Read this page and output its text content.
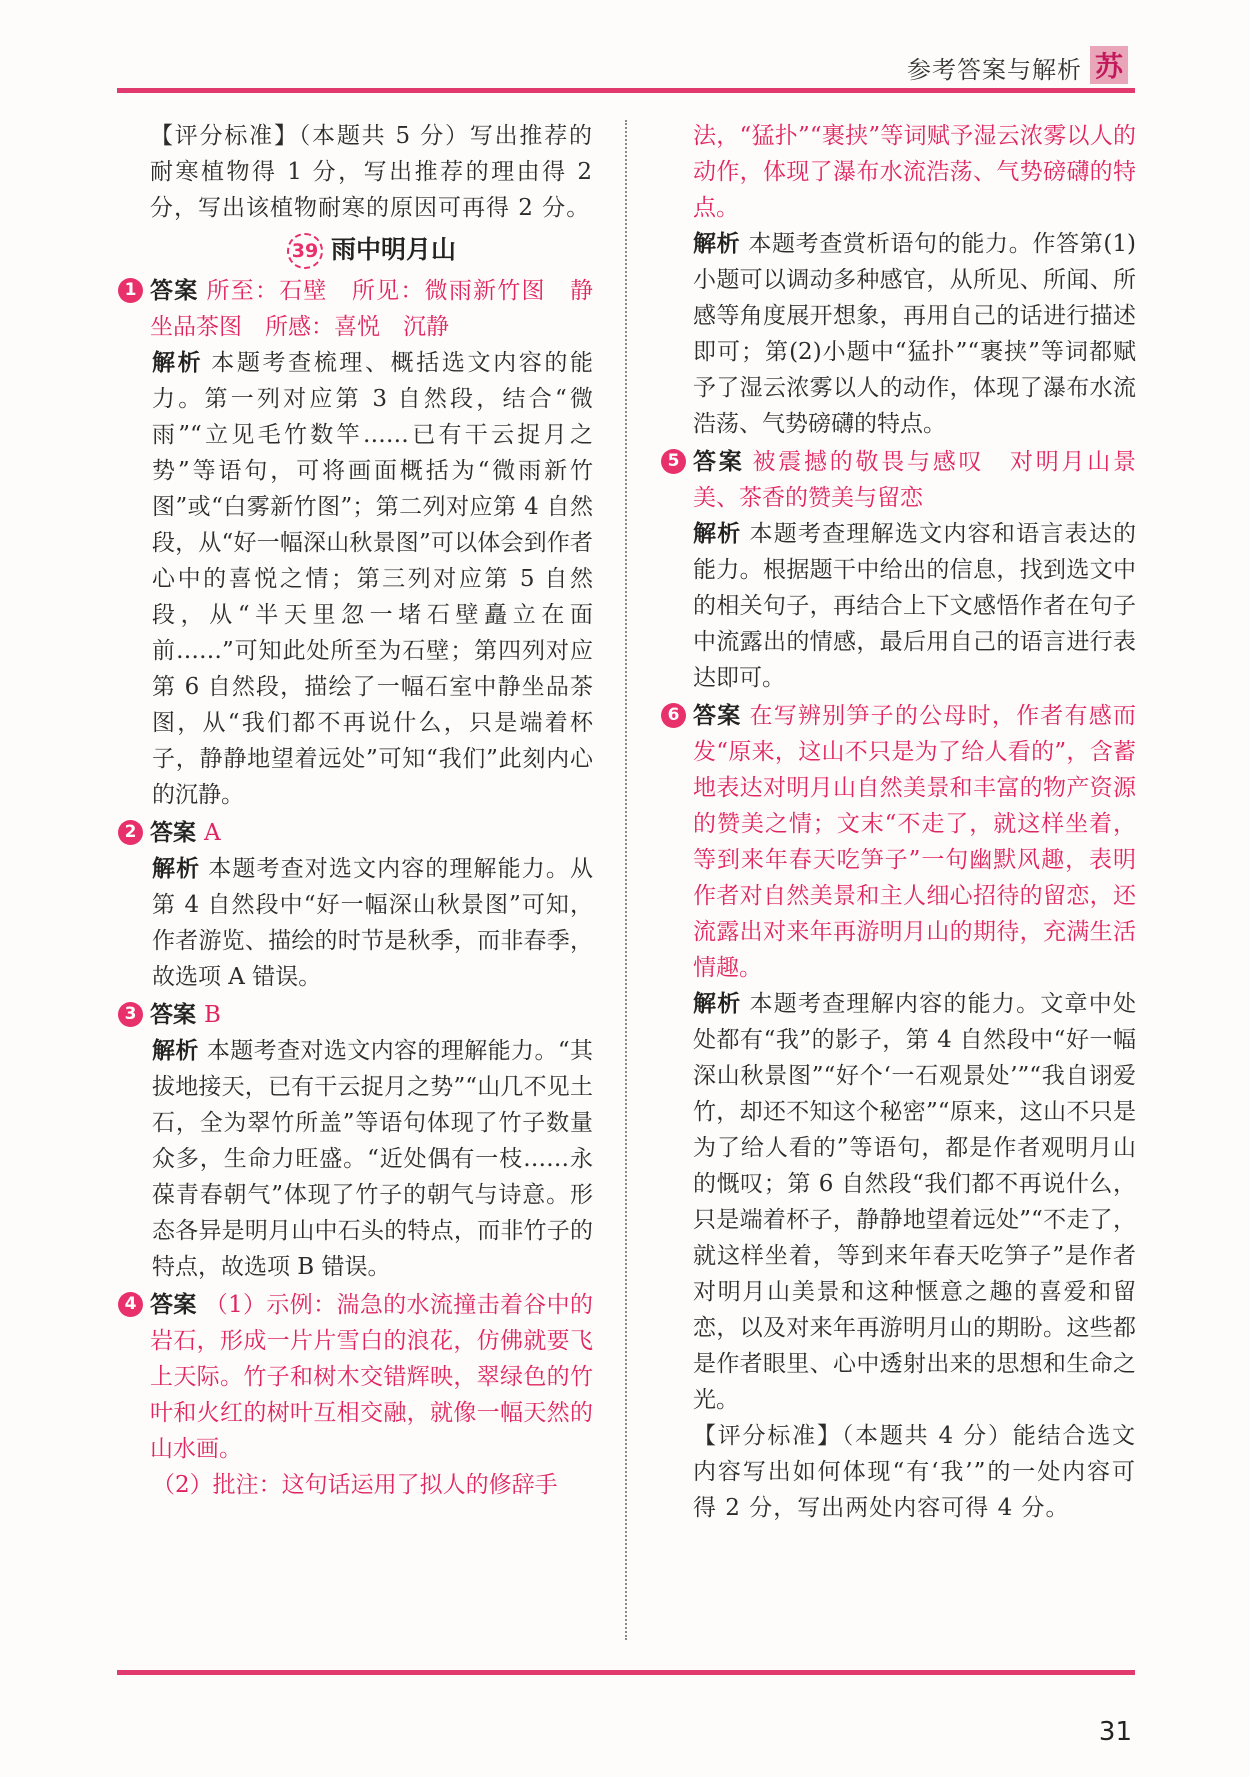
参考答案与解析 苏

【评分标准】（本题共 5 分）写出推荐的耐寒植物得 1 分，写出推荐的理由得 2 分，写出该植物耐寒的原因可再得 2 分。

39 雨中明月山

1 答案 所至：石壁　所见：微雨新竹图　静坐品茶图　所感：喜悦　沉静

解析 本题考查梳理、概括选文内容的能力。第一列对应第 3 自然段，结合“微雨”“立见毛竹数竿……已有干云捉月之势”等语句，可将画面概括为“微雨新竹图”或“白雾新竹图”；第二列对应第 4 自然段，从“好一幅深山秋景图”可以体会到作者心中的喜悦之情；第三列对应第 5 自然段，从“半天里忽一堵石壁矗立在面前……”可知此处所至为石壁；第四列对应第 6 自然段，描绘了一幅石室中静坐品茶图，从“我们都不再说什么，只是端着杯子，静静地望着远处”可知“我们”此刻内心的沉静。

2 答案 A

解析 本题考查对选文内容的理解能力。从第 4 自然段中“好一幅深山秋景图”可知，作者游览、描绘的时节是秋季，而非春季，故选项 A 错误。

3 答案 B

解析 本题考查对选文内容的理解能力。“其拔地接天，已有干云捉月之势”“山几不见土石，全为翠竹所盖”等语句体现了竹子数量众多，生命力旺盛。“近处偶有一枝……永葆青春朝气”体现了竹子的朝气与诗意。形态各异是明月山中石头的特点，而非竹子的特点，故选项 B 错误。

4 答案 （1）示例：湍急的水流撞击着谷中的岩石，形成一片片雪白的浪花，仿佛就要飞上天际。竹子和树木交错辉映，翠绿色的竹叶和火红的树叶互相交融，就像一幅天然的山水画。

（2）批注：这句话运用了拟人的修辞手

法，“猛扑”“裹挟”等词赋予湿云浓雾以人的动作，体现了瀑布水流浩荡、气势磅礴的特点。

解析 本题考查赏析语句的能力。作答第(1)小题可以调动多种感官，从所见、所闻、所感等角度展开想象，再用自己的话进行描述即可；第(2)小题中“猛扑”“裹挟”等词都赋予了湿云浓雾以人的动作，体现了瀑布水流浩荡、气势磅礴的特点。

5 答案 被震撼的敬畏与感叹　对明月山景美、茶香的赞美与留恋

解析 本题考查理解选文内容和语言表达的能力。根据题干中给出的信息，找到选文中的相关句子，再结合上下文感悟作者在句子中流露出的情感，最后用自己的语言进行表达即可。

6 答案 在写辨别笋子的公母时，作者有感而发“原来，这山不只是为了给人看的”，含蓄地表达对明月山自然美景和丰富的物产资源的赞美之情；文末“不走了，就这样坐着，等到来年春天吃笋子”一句幽默风趣，表明作者对自然美景和主人细心招待的留恋，还流露出对来年再游明月山的期待，充满生活情趣。

解析 本题考查理解内容的能力。文章中处处都有“我”的影子，第 4 自然段中“好一幅深山秋景图”“好个‘一石观景处’”“我自诩爱竹，却还不知这个秘密”“原来，这山不只是为了给人看的”等语句，都是作者观明月山的慨叹；第 6 自然段“我们都不再说什么，只是端着杯子，静静地望着远处”“不走了，就这样坐着，等到来年春天吃笋子”是作者对明月山美景和这种惬意之趣的喜爱和留恋，以及对来年再游明月山的期盼。这些都是作者眼里、心中透射出来的思想和生命之光。

【评分标准】（本题共 4 分）能结合选文内容写出如何体现“有‘我’”的一处内容可得 2 分，写出两处内容可得 4 分。

31
